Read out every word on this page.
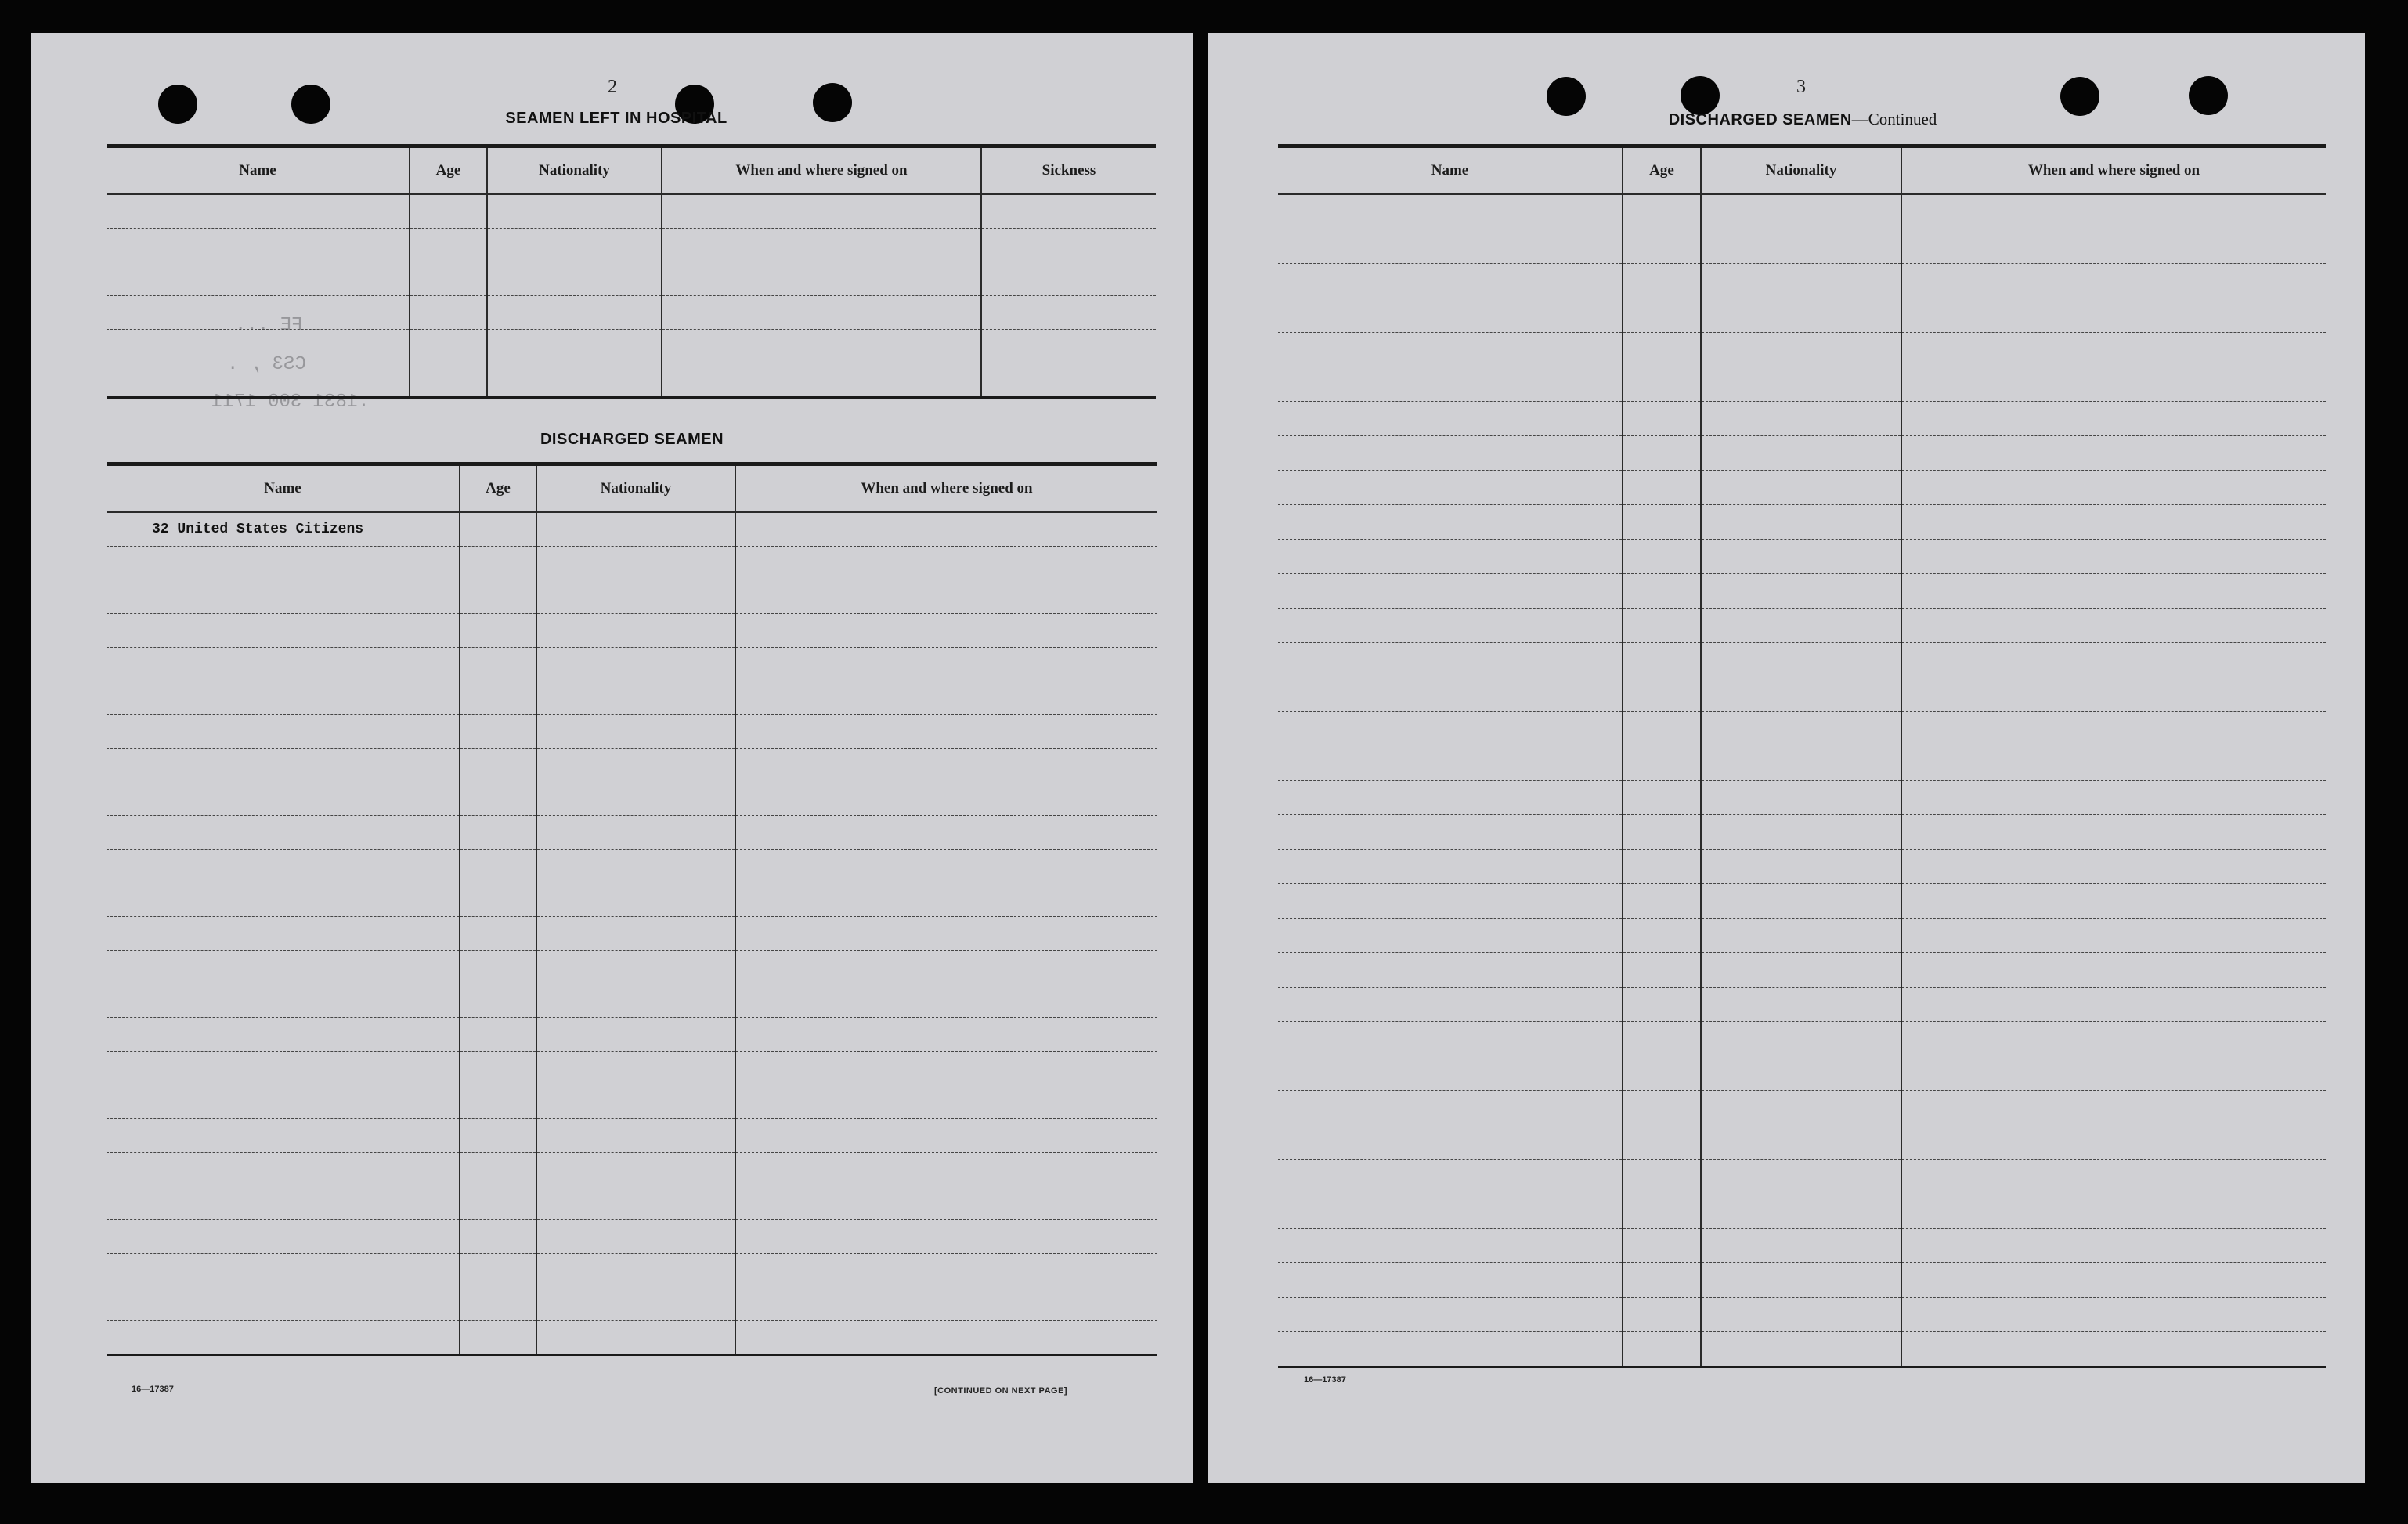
2
SEAMEN LEFT IN HOSPITAL
FE ...
CS3 , .
.1831 300 1711
Name	Age	Nationality	When and where signed on	Sickness

DISCHARGED SEAMEN
Name	Age	Nationality	When and where signed on
32 United States Citizens			

16—17387	[CONTINUED ON NEXT PAGE]
3
DISCHARGED SEAMEN—Continued
Name	Age	Nationality	When and where signed on

16—17387
